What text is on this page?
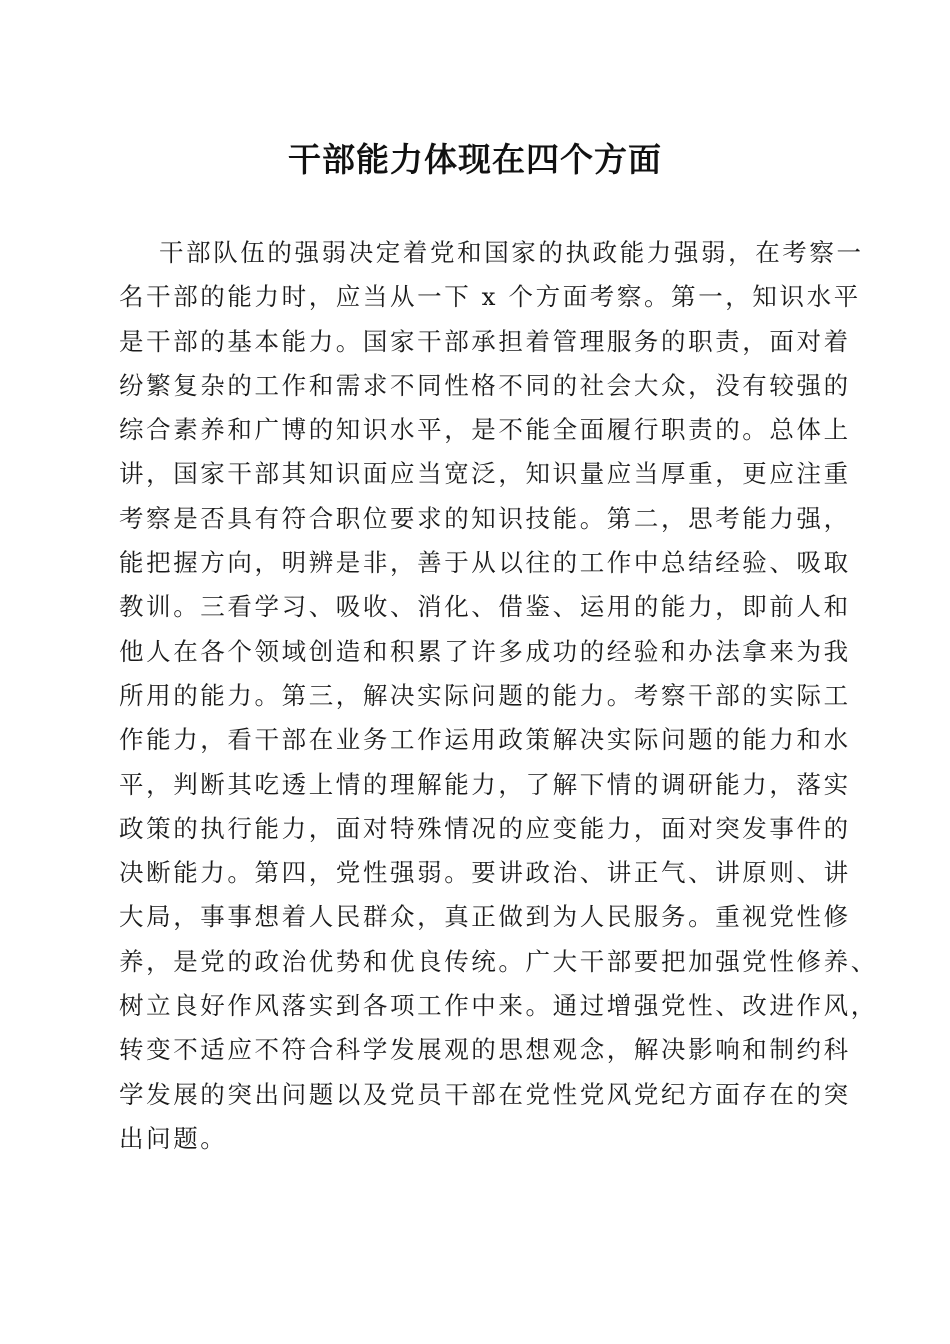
干部能力体现在四个方面
干部队伍的强弱决定着党和国家的执政能力强弱，在考察一
名干部的能力时，应当从一下 x 个方面考察。第一，知识水平
是干部的基本能力。国家干部承担着管理服务的职责，面对着
纷繁复杂的工作和需求不同性格不同的社会大众，没有较强的
综合素养和广博的知识水平，是不能全面履行职责的。总体上
讲，国家干部其知识面应当宽泛，知识量应当厚重，更应注重
考察是否具有符合职位要求的知识技能。第二，思考能力强，
能把握方向，明辨是非，善于从以往的工作中总结经验、吸取
教训。三看学习、吸收、消化、借鉴、运用的能力，即前人和
他人在各个领域创造和积累了许多成功的经验和办法拿来为我
所用的能力。第三，解决实际问题的能力。考察干部的实际工
作能力，看干部在业务工作运用政策解决实际问题的能力和水
平，判断其吃透上情的理解能力，了解下情的调研能力，落实
政策的执行能力，面对特殊情况的应变能力，面对突发事件的
决断能力。第四，党性强弱。要讲政治、讲正气、讲原则、讲
大局，事事想着人民群众，真正做到为人民服务。重视党性修
养，是党的政治优势和优良传统。广大干部要把加强党性修养、
树立良好作风落实到各项工作中来。通过增强党性、改进作风，
转变不适应不符合科学发展观的思想观念，解决影响和制约科
学发展的突出问题以及党员干部在党性党风党纪方面存在的突
出问题。
